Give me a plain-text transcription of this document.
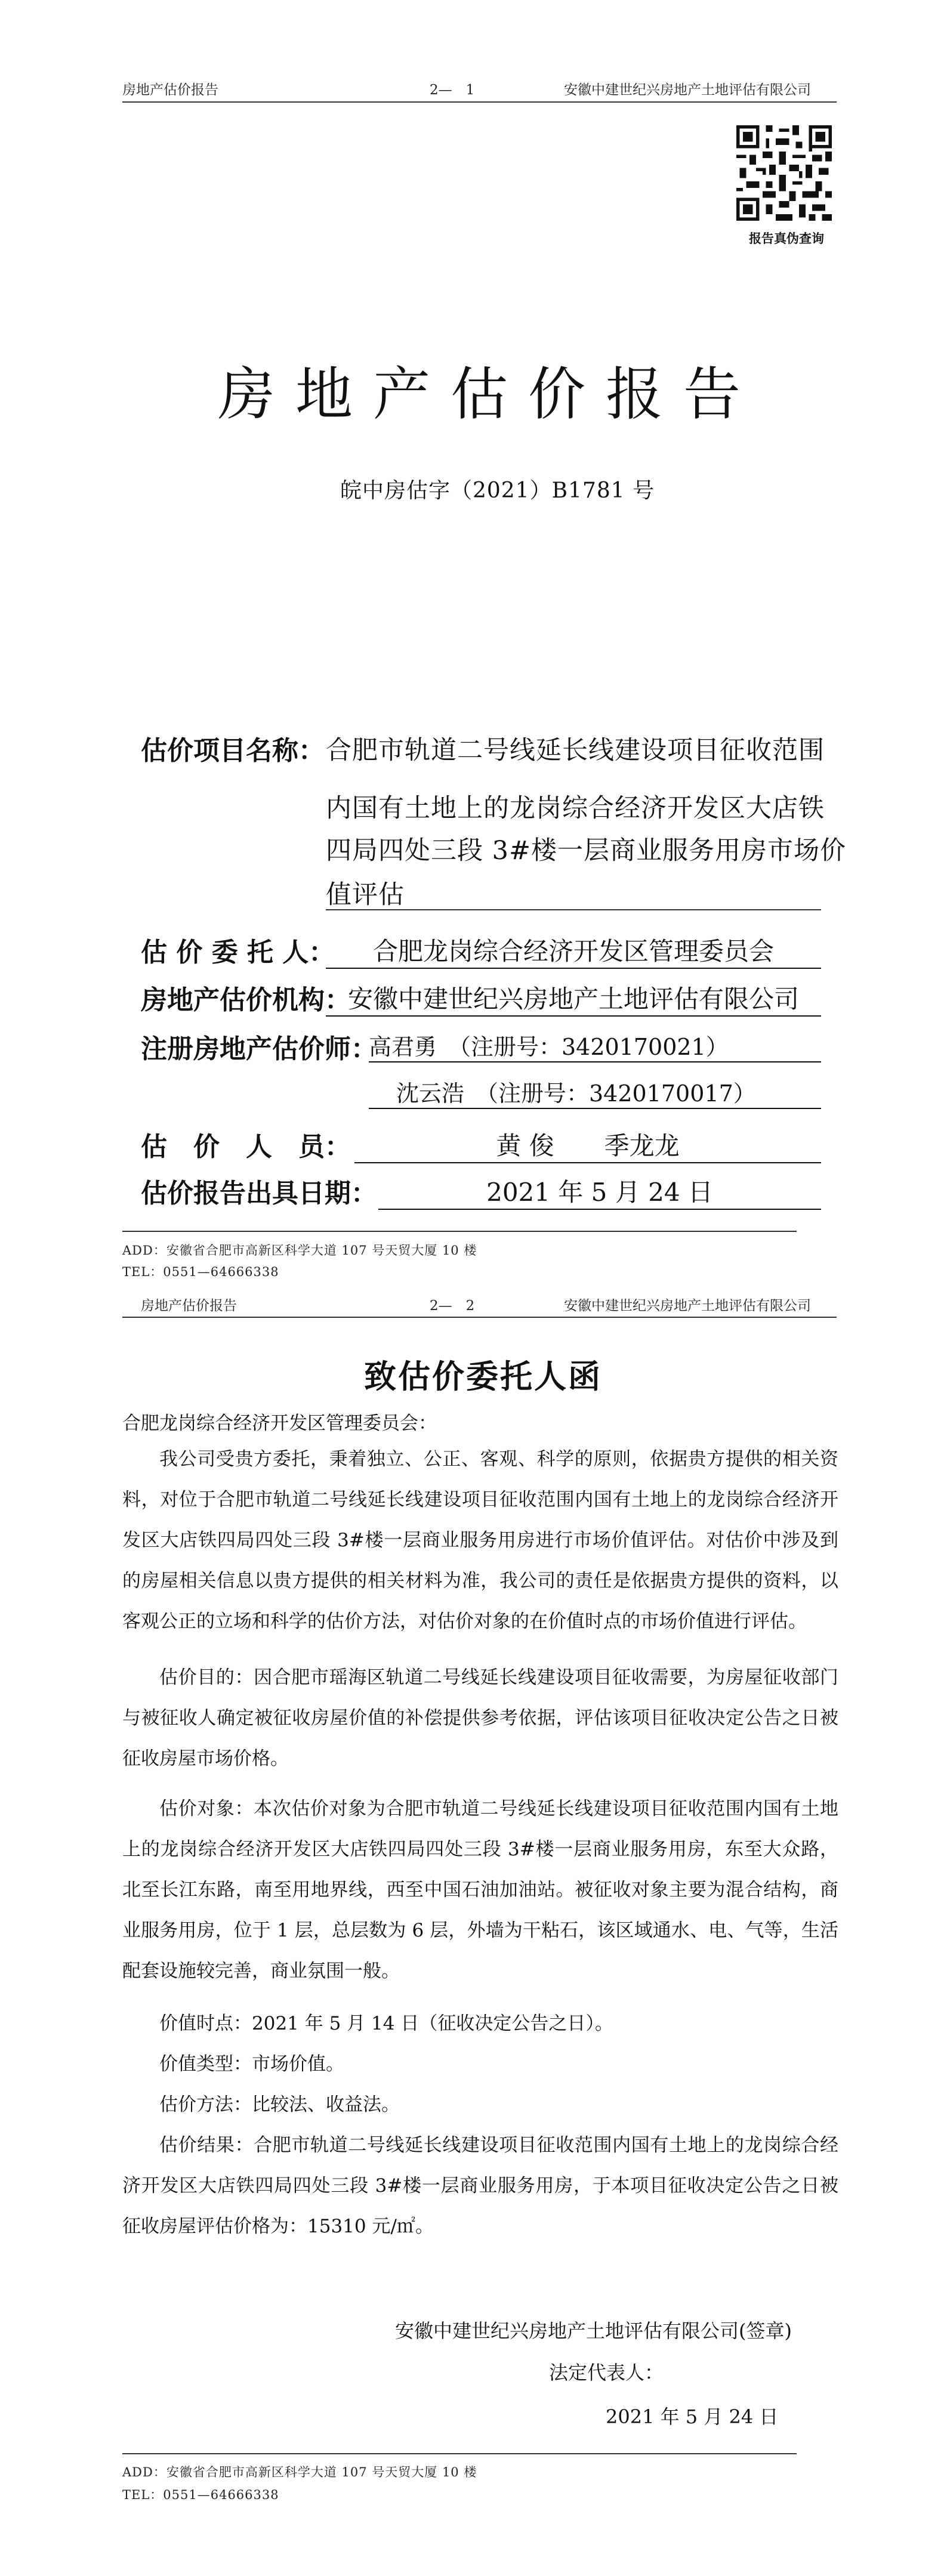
房地产估价报告	2—　1	安徽中建世纪兴房地产土地评估有限公司
报告真伪查询
房地产估价报告
皖中房估字（2021）B1781 号
估价项目名称： 合肥市轨道二号线延长线建设项目征收范围
内国有土地上的龙岗综合经济开发区大店铁
四局四处三段 3#楼一层商业服务用房市场价
值评估
估 价 委 托 人：	合肥龙岗综合经济开发区管理委员会
房地产估价机构：
安徽中建世纪兴房地产土地评估有限公司
注册房地产估价师：
高君勇　（注册号：3420170021）
沈云浩　（注册号：3420170017）
估　价　人　员：	黄 俊　　季龙龙
估价报告出具日期：	2021 年 5 月 24 日
ADD：安徽省合肥市高新区科学大道 107 号天贸大厦 10 楼
TEL：0551—64666338
房地产估价报告	2—　2	安徽中建世纪兴房地产土地评估有限公司
致估价委托人函
合肥龙岗综合经济开发区管理委员会：

我公司受贵方委托，秉着独立、公正、客观、科学的原则，依据贵方提供的相关资料，对位于合肥市轨道二号线延长线建设项目征收范围内国有土地上的龙岗综合经济开发区大店铁四局四处三段 3#楼一层商业服务用房进行市场价值评估。对估价中涉及到的房屋相关信息以贵方提供的相关材料为准，我公司的责任是依据贵方提供的资料，以客观公正的立场和科学的估价方法，对估价对象的在价值时点的市场价值进行评估。

估价目的：因合肥市瑶海区轨道二号线延长线建设项目征收需要，为房屋征收部门与被征收人确定被征收房屋价值的补偿提供参考依据，评估该项目征收决定公告之日被征收房屋市场价格。

估价对象：本次估价对象为合肥市轨道二号线延长线建设项目征收范围内国有土地上的龙岗综合经济开发区大店铁四局四处三段 3#楼一层商业服务用房，东至大众路，北至长江东路，南至用地界线，西至中国石油加油站。被征收对象主要为混合结构，商业服务用房，位于 1 层，总层数为 6 层，外墙为干粘石，该区域通水、电、气等，生活配套设施较完善，商业氛围一般。

价值时点：2021 年 5 月 14 日（征收决定公告之日）。

价值类型：市场价值。

估价方法：比较法、收益法。

估价结果：合肥市轨道二号线延长线建设项目征收范围内国有土地上的龙岗综合经济开发区大店铁四局四处三段 3#楼一层商业服务用房，于本项目征收决定公告之日被征收房屋评估价格为：15310 元/㎡。

安徽中建世纪兴房地产土地评估有限公司(签章)
法定代表人：
2021 年 5 月 24 日
ADD：安徽省合肥市高新区科学大道 107 号天贸大厦 10 楼
TEL：0551—64666338
